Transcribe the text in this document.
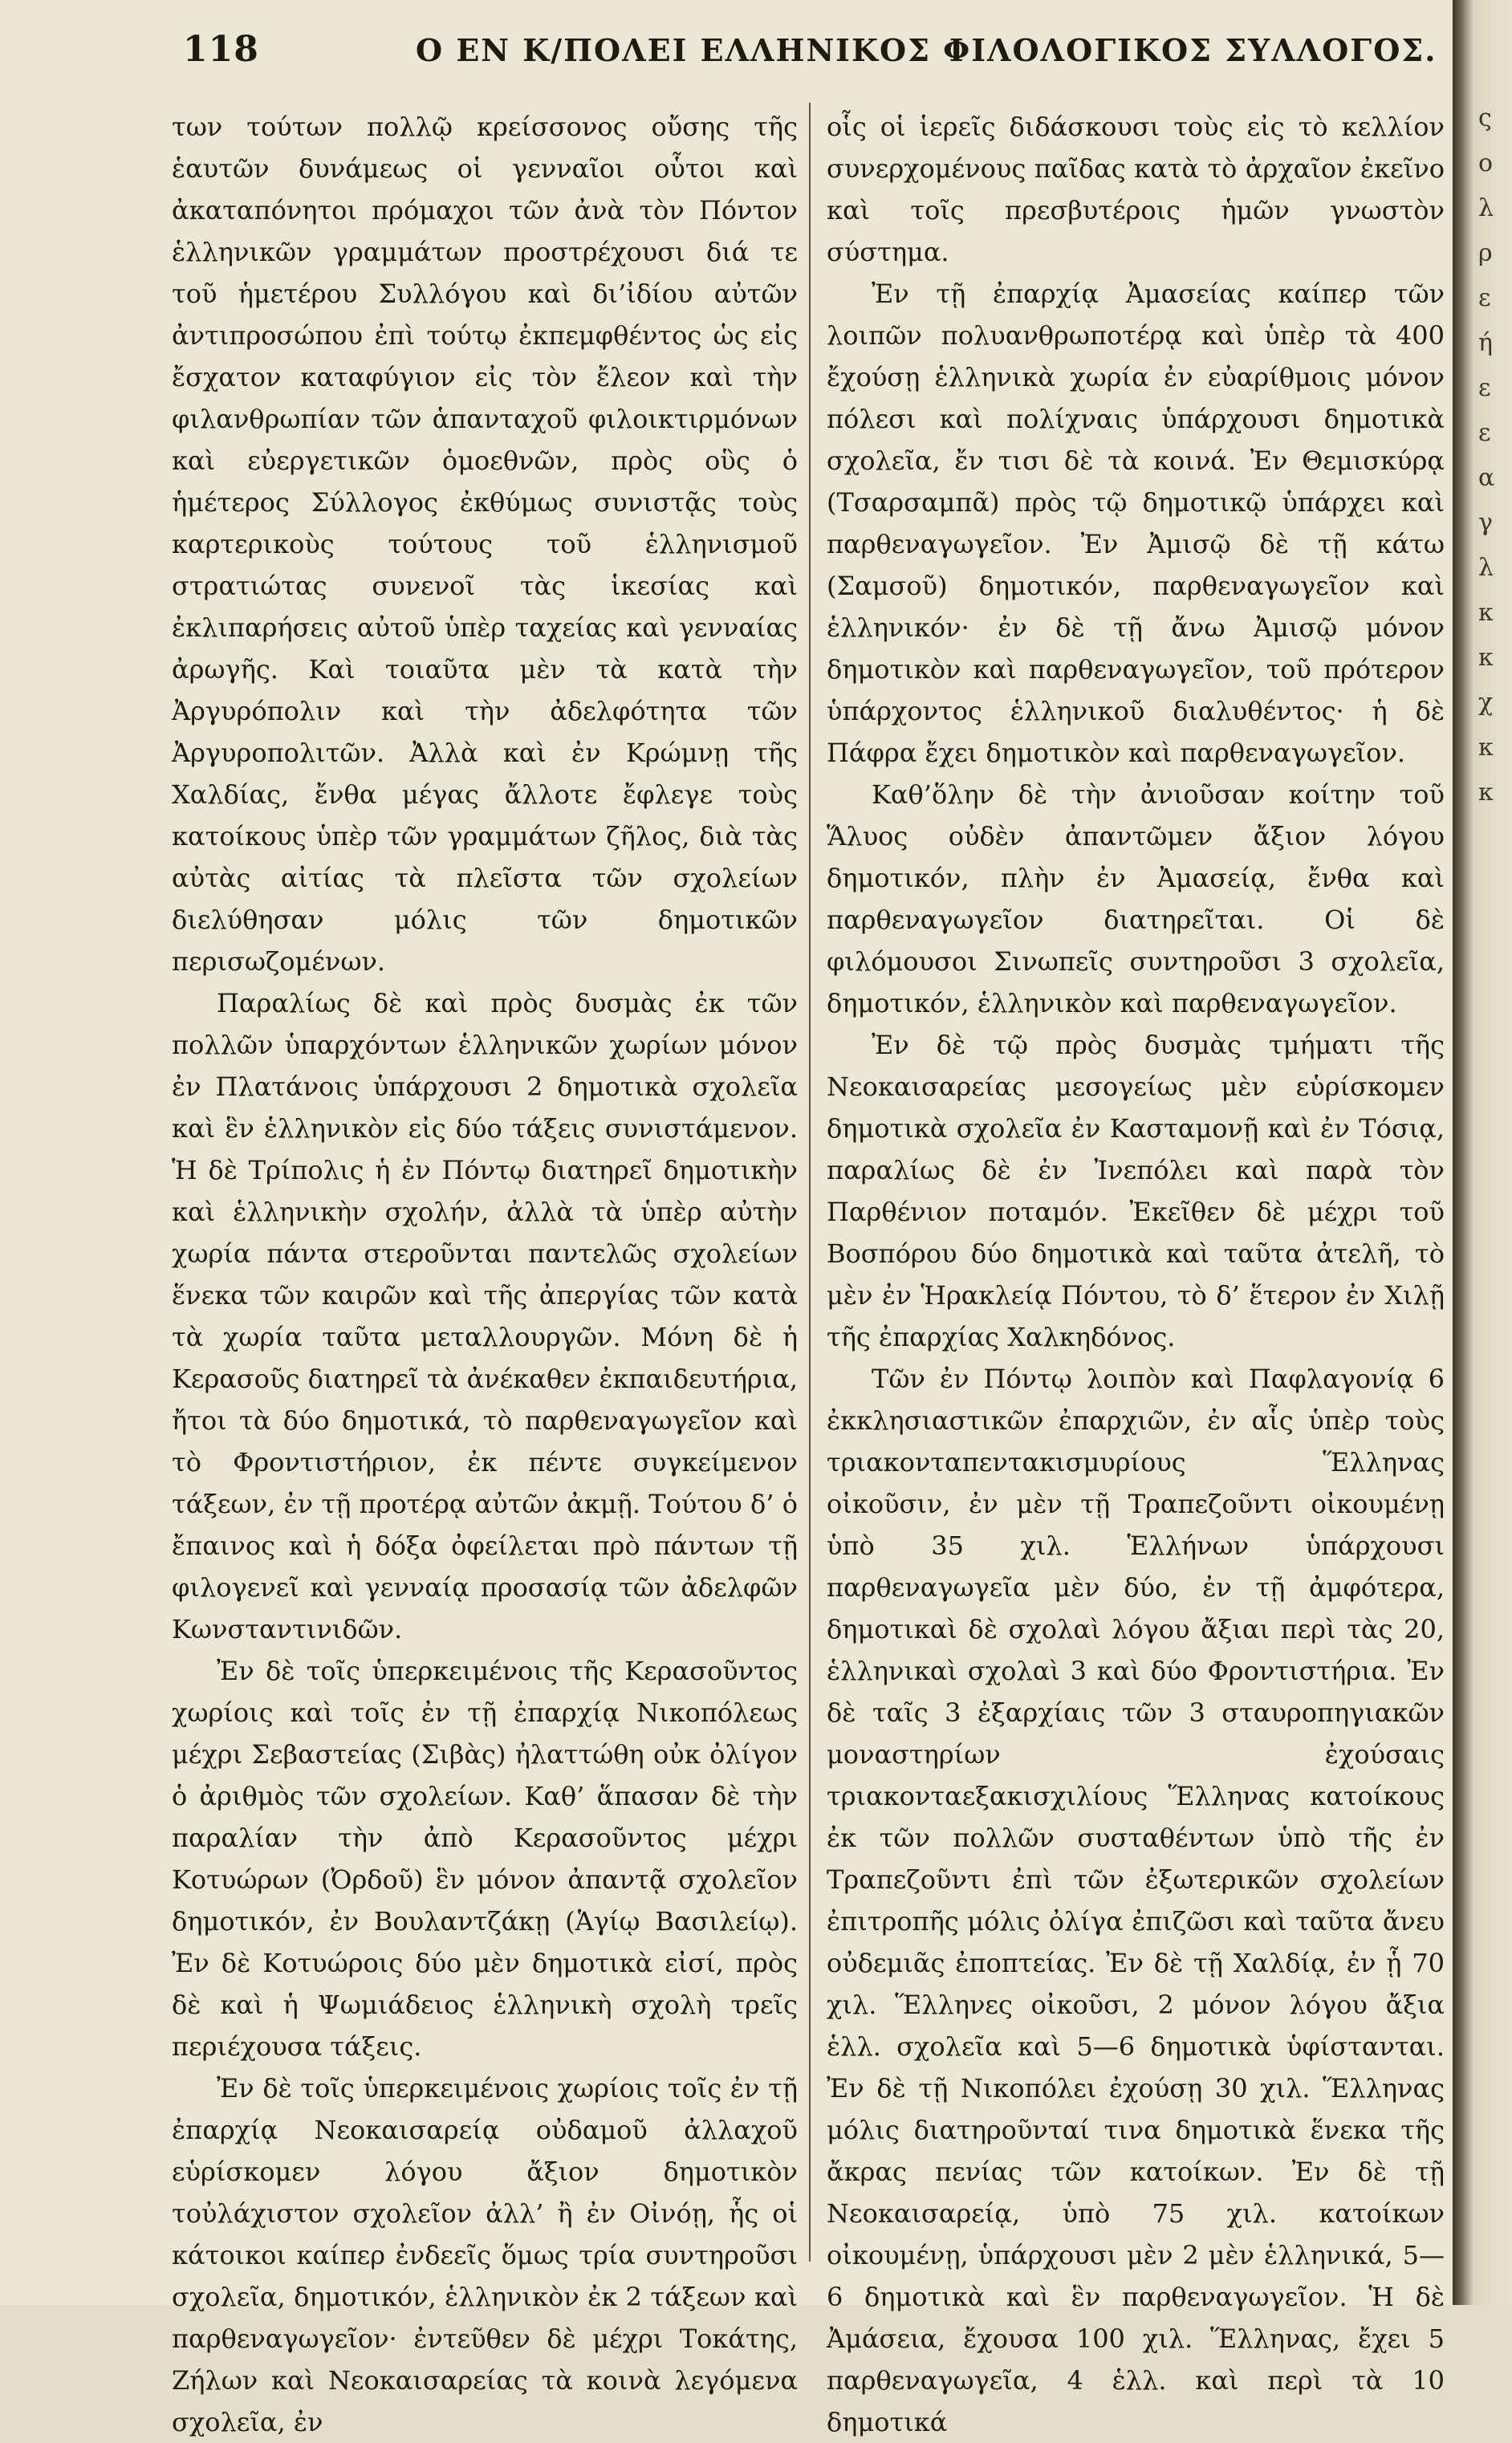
118	Ο ΕΝ Κ/ΠΟΛΕΙ ΕΛΛΗΝΙΚΟΣ ΦΙΛΟΛΟΓΙΚΟΣ ΣΥΛΛΟΓΟΣ.

των τούτων πολλῷ κρείσσονος οὔσης τῆς ἑαυτῶν δυνάμεως οἱ γενναῖοι οὗτοι καὶ ἀκαταπόνητοι πρόμαχοι τῶν ἀνὰ τὸν Πόντον ἑλληνικῶν γραμμάτων προστρέχουσι διά τε τοῦ ἡμετέρου Συλλόγου καὶ δι’ἰδίου αὐτῶν ἀντιπροσώπου ἐπὶ τούτῳ ἐκπεμφθέντος ὡς εἰς ἔσχατον καταφύγιον εἰς τὸν ἔλεον καὶ τὴν φιλανθρωπίαν τῶν ἁπανταχοῦ φιλοικτιρμόνων καὶ εὐεργετικῶν ὁμοεθνῶν, πρὸς οὓς ὁ ἡμέτερος Σύλλογος ἐκθύμως συνιστᾷς τοὺς καρτερικοὺς τούτους τοῦ ἑλληνισμοῦ στρατιώτας συνενοῖ τὰς ἱκεσίας καὶ ἐκλιπαρήσεις αὐτοῦ ὑπὲρ ταχείας καὶ γενναίας ἀρωγῆς. Καὶ τοιαῦτα μὲν τὰ κατὰ τὴν Ἀργυρόπολιν καὶ τὴν ἀδελφότητα τῶν Ἀργυροπολιτῶν. Ἀλλὰ καὶ ἐν Κρώμνῃ τῆς Χαλδίας, ἔνθα μέγας ἄλλοτε ἔφλεγε τοὺς κατοίκους ὑπὲρ τῶν γραμμάτων ζῆλος, διὰ τὰς αὐτὰς αἰτίας τὰ πλεῖστα τῶν σχολείων διελύθησαν μόλις τῶν δημοτικῶν περισωζομένων.

Παραλίως δὲ καὶ πρὸς δυσμὰς ἐκ τῶν πολλῶν ὑπαρχόντων ἑλληνικῶν χωρίων μόνον ἐν Πλατάνοις ὑπάρχουσι 2 δημοτικὰ σχολεῖα καὶ ἓν ἑλληνικὸν εἰς δύο τάξεις συνιστάμενον. Ἡ δὲ Τρίπολις ἡ ἐν Πόντῳ διατηρεῖ δημοτικὴν καὶ ἑλληνικὴν σχολήν, ἀλλὰ τὰ ὑπὲρ αὐτὴν χωρία πάντα στεροῦνται παντελῶς σχολείων ἕνεκα τῶν καιρῶν καὶ τῆς ἀπεργίας τῶν κατὰ τὰ χωρία ταῦτα μεταλλουργῶν. Μόνη δὲ ἡ Κερασοῦς διατηρεῖ τὰ ἀνέκαθεν ἐκπαιδευτήρια, ἤτοι τὰ δύο δημοτικά, τὸ παρθεναγωγεῖον καὶ τὸ Φροντιστήριον, ἐκ πέντε συγκείμενον τάξεων, ἐν τῇ προτέρᾳ αὐτῶν ἀκμῇ. Τούτου δ’ ὁ ἔπαινος καὶ ἡ δόξα ὀφείλεται πρὸ πάντων τῇ φιλογενεῖ καὶ γενναίᾳ προσασίᾳ τῶν ἀδελφῶν Κωνσταντινιδῶν.

Ἐν δὲ τοῖς ὑπερκειμένοις τῆς Κερασοῦντος χωρίοις καὶ τοῖς ἐν τῇ ἐπαρχίᾳ Νικοπόλεως μέχρι Σεβαστείας (Σιβὰς) ἠλαττώθη οὐκ ὀλίγον ὁ ἀριθμὸς τῶν σχολείων. Καθ’ ἅπασαν δὲ τὴν παραλίαν τὴν ἀπὸ Κερασοῦντος μέχρι Κοτυώρων (Ὀρδοῦ) ἓν μόνον ἀπαντᾷ σχολεῖον δημοτικόν, ἐν Βουλαντζάκῃ (Ἁγίῳ Βασιλείῳ). Ἐν δὲ Κοτυώροις δύο μὲν δημοτικὰ εἰσί, πρὸς δὲ καὶ ἡ Ψωμιάδειος ἑλληνικὴ σχολὴ τρεῖς περιέχουσα τάξεις.

Ἐν δὲ τοῖς ὑπερκειμένοις χωρίοις τοῖς ἐν τῇ ἐπαρχίᾳ Νεοκαισαρείᾳ οὐδαμοῦ ἀλλαχοῦ εὑρίσκομεν λόγου ἄξιον δημοτικὸν τοὐλάχιστον σχολεῖον ἀλλ’ ἢ ἐν Οἰνόῃ, ἧς οἱ κάτοικοι καίπερ ἐνδεεῖς ὅμως τρία συντηροῦσι σχολεῖα, δημοτικόν, ἑλληνικὸν ἐκ 2 τάξεων καὶ παρθεναγωγεῖον· ἐντεῦθεν δὲ μέχρι Τοκάτης, Ζήλων καὶ Νεοκαισαρείας τὰ κοινὰ λεγόμενα σχολεῖα, ἐν

οἷς οἱ ἱερεῖς διδάσκουσι τοὺς εἰς τὸ κελλίον συνερχομένους παῖδας κατὰ τὸ ἀρχαῖον ἐκεῖνο καὶ τοῖς πρεσβυτέροις ἡμῶν γνωστὸν σύστημα.

Ἐν τῇ ἐπαρχίᾳ Ἀμασείας καίπερ τῶν λοιπῶν πολυανθρωποτέρᾳ καὶ ὑπὲρ τὰ 400 ἔχούσῃ ἑλληνικὰ χωρία ἐν εὐαρίθμοις μόνον πόλεσι καὶ πολίχναις ὑπάρχουσι δημοτικὰ σχολεῖα, ἔν τισι δὲ τὰ κοινά. Ἐν Θεμισκύρᾳ (Τσαρσαμπᾶ) πρὸς τῷ δημοτικῷ ὑπάρχει καὶ παρθεναγωγεῖον. Ἐν Ἀμισῷ δὲ τῇ κάτω (Σαμσοῦ) δημοτικόν, παρθεναγωγεῖον καὶ ἑλληνικόν· ἐν δὲ τῇ ἄνω Ἀμισῷ μόνον δημοτικὸν καὶ παρθεναγωγεῖον, τοῦ πρότερον ὑπάρχοντος ἑλληνικοῦ διαλυθέντος· ἡ δὲ Πάφρα ἔχει δημοτικὸν καὶ παρθεναγωγεῖον.

Καθ’ὅλην δὲ τὴν ἀνιοῦσαν κοίτην τοῦ Ἅλυος οὐδὲν ἀπαντῶμεν ἄξιον λόγου δημοτικόν, πλὴν ἐν Ἀμασείᾳ, ἔνθα καὶ παρθεναγωγεῖον διατηρεῖται. Οἱ δὲ φιλόμουσοι Σινωπεῖς συντηροῦσι 3 σχολεῖα, δημοτικόν, ἑλληνικὸν καὶ παρθεναγωγεῖον.

Ἐν δὲ τῷ πρὸς δυσμὰς τμήματι τῆς Νεοκαισαρείας μεσογείως μὲν εὑρίσκομεν δημοτικὰ σχολεῖα ἐν Κασταμονῇ καὶ ἐν Τόσιᾳ, παραλίως δὲ ἐν Ἰνεπόλει καὶ παρὰ τὸν Παρθένιον ποταμόν. Ἐκεῖθεν δὲ μέχρι τοῦ Βοσπόρου δύο δημοτικὰ καὶ ταῦτα ἀτελῆ, τὸ μὲν ἐν Ἡρακλείᾳ Πόντου, τὸ δ’ ἕτερον ἐν Χιλῇ τῆς ἐπαρχίας Χαλκηδόνος.

Τῶν ἐν Πόντῳ λοιπὸν καὶ Παφλαγονίᾳ 6 ἐκκλησιαστικῶν ἐπαρχιῶν, ἐν αἷς ὑπὲρ τοὺς τριακονταπεντακισμυρίους Ἕλληνας οἰκοῦσιν, ἐν μὲν τῇ Τραπεζοῦντι οἰκουμένῃ ὑπὸ 35 χιλ. Ἑλλήνων ὑπάρχουσι παρθεναγωγεῖα μὲν δύο, ἐν τῇ ἀμφότερα, δημοτικαὶ δὲ σχολαὶ λόγου ἄξιαι περὶ τὰς 20, ἑλληνικαὶ σχολαὶ 3 καὶ δύο Φροντιστήρια. Ἐν δὲ ταῖς 3 ἐξαρχίαις τῶν 3 σταυροπηγιακῶν μοναστηρίων ἐχούσαις τριακονταεξακισχιλίους Ἕλληνας κατοίκους ἐκ τῶν πολλῶν συσταθέντων ὑπὸ τῆς ἐν Τραπεζοῦντι ἐπὶ τῶν ἐξωτερικῶν σχολείων ἐπιτροπῆς μόλις ὀλίγα ἐπιζῶσι καὶ ταῦτα ἄνευ οὐδεμιᾶς ἐποπτείας. Ἐν δὲ τῇ Χαλδίᾳ, ἐν ᾗ 70 χιλ. Ἕλληνες οἰκοῦσι, 2 μόνον λόγου ἄξια ἑλλ. σχολεῖα καὶ 5—6 δημοτικὰ ὑφίστανται. Ἐν δὲ τῇ Νικοπόλει ἐχούσῃ 30 χιλ. Ἕλληνας μόλις διατηροῦνταί τινα δημοτικὰ ἕνεκα τῆς ἄκρας πενίας τῶν κατοίκων. Ἐν δὲ τῇ Νεοκαισαρείᾳ, ὑπὸ 75 χιλ. κατοίκων οἰκουμένῃ, ὑπάρχουσι μὲν 2 μὲν ἑλληνικά, 5—6 δημοτικὰ καὶ ἓν παρθεναγωγεῖον. Ἡ δὲ Ἀμάσεια, ἔχουσα 100 χιλ. Ἕλληνας, ἔχει 5 παρθεναγωγεῖα, 4 ἑλλ. καὶ περὶ τὰ 10 δημοτικά

ς
ο
λ
ρ
ε
ή
ε
ε
α
γ
λ
κ
κ
χ
κ
κ
